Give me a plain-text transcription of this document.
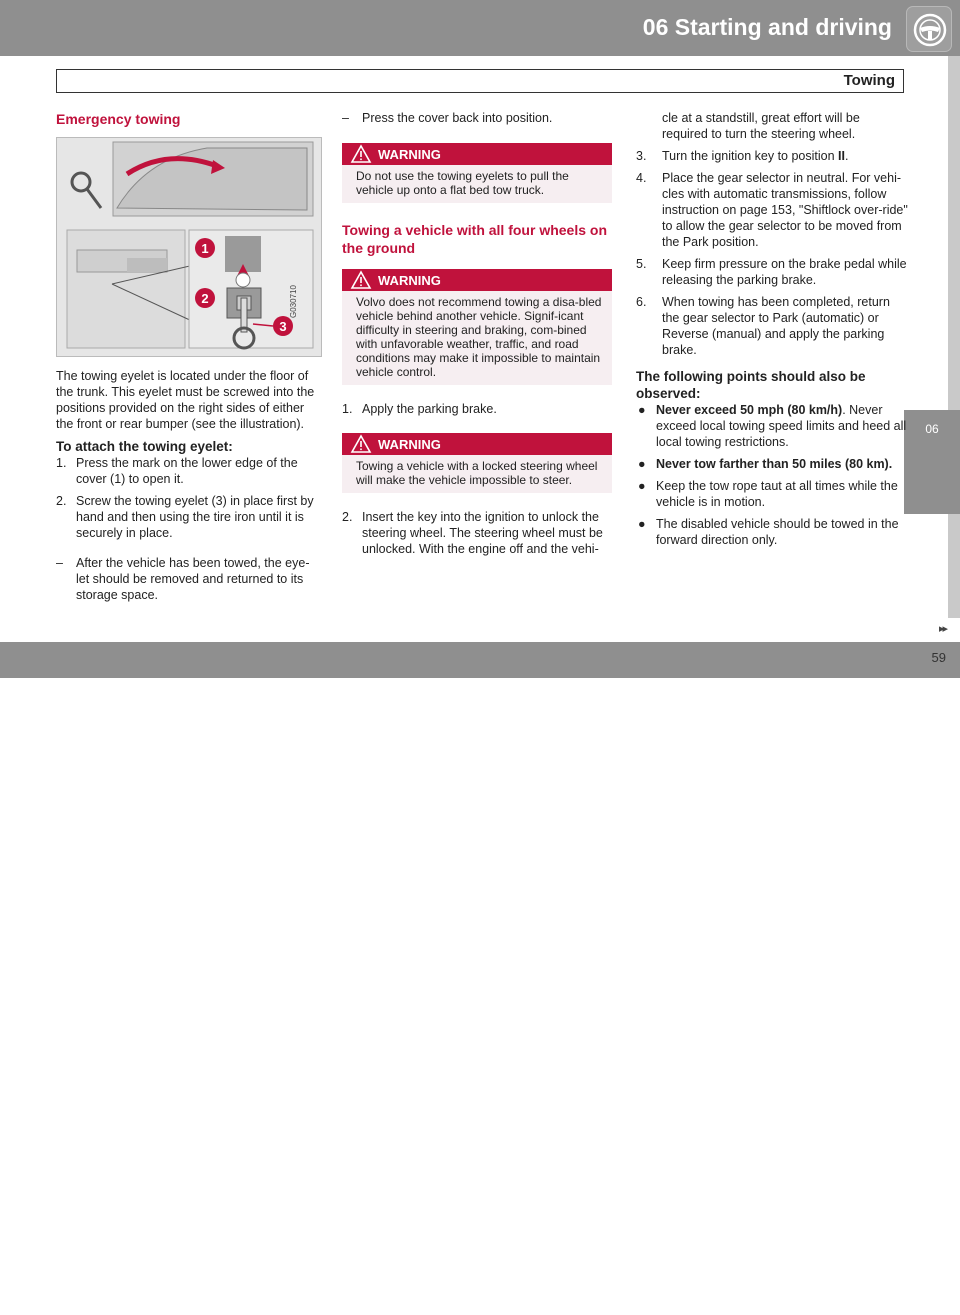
06 Starting and driving
Towing
06
Emergency towing
1
2
3
G030710

The towing eyelet is located under the floor of the trunk. This eyelet must be screwed into the positions provided on the right sides of either the front or rear bumper (see the illustration).

To attach the towing eyelet:
1. Press the mark on the lower edge of the cover (1) to open it.
2. Screw the towing eyelet (3) in place first by hand and then using the tire iron until it is securely in place.
– After the vehicle has been towed, the eye-let should be removed and returned to its storage space.
– Press the cover back into position.
WARNING
Do not use the towing eyelets to pull the vehicle up onto a flat bed tow truck.
Towing a vehicle with all four wheels on the ground
WARNING
Volvo does not recommend towing a disa-bled vehicle behind another vehicle. Signif-icant difficulty in steering and braking, com-bined with unfavorable weather, traffic, and road conditions may make it impossible to maintain vehicle control.
1. Apply the parking brake.
WARNING
Towing a vehicle with a locked steering wheel will make the vehicle impossible to steer.
2. Insert the key into the ignition to unlock the steering wheel. The steering wheel must be unlocked. With the engine off and the vehi-

cle at a standstill, great effort will be required to turn the steering wheel.

3. Turn the ignition key to position II.
4. Place the gear selector in neutral. For vehi-cles with automatic transmissions, follow instruction on page 153, "Shiftlock over-ride" to allow the gear selector to be moved from the Park position.
5. Keep firm pressure on the brake pedal while releasing the parking brake.
6. When towing has been completed, return the gear selector to Park (automatic) or Reverse (manual) and apply the parking brake.
The following points should also be observed:
● Never exceed 50 mph (80 km/h). Never exceed local towing speed limits and heed all local towing restrictions.
● Never tow farther than 50 miles (80 km).
● Keep the tow rope taut at all times while the vehicle is in motion.
● The disabled vehicle should be towed in the forward direction only.
▸▸
carmanualsonline.info
59
